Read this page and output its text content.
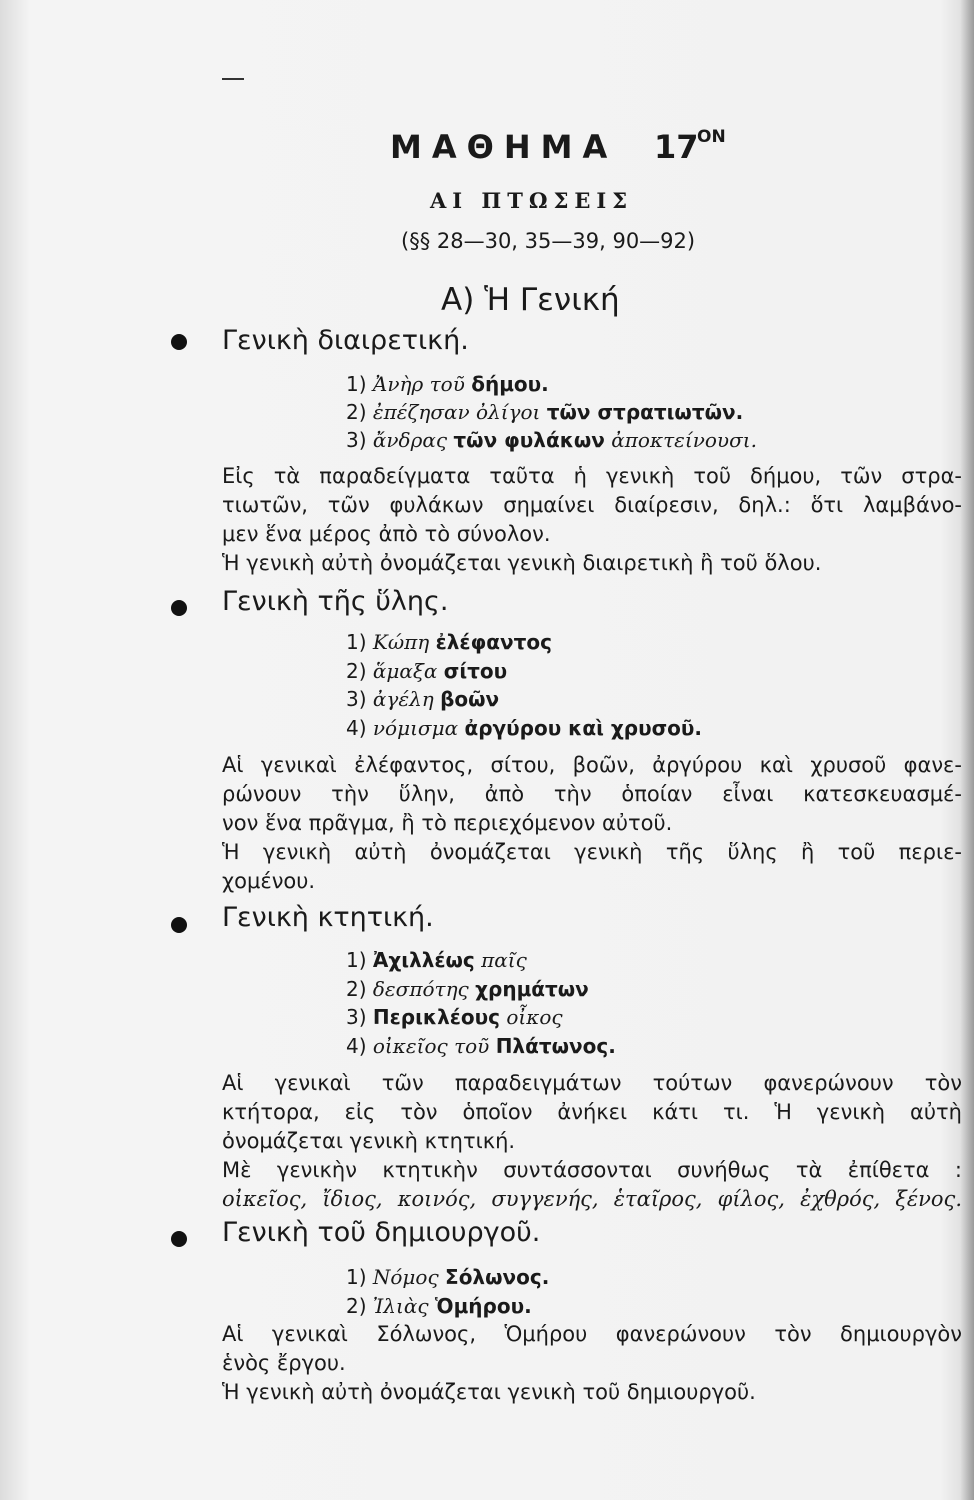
ΜΑΘΗΜΑ 17
ΟΝ
ΑΙ ΠΤΩΣΕΙΣ
(§§ 28—30, 35—39, 90—92)
Α) Ἡ Γενική
Γενικὴ διαιρετική.
1) Ἀνὴρ τοῦ δήμου.
2) ἐπέζησαν ὀλίγοι τῶν στρατιωτῶν.
3) ἄνδρας τῶν φυλάκων ἀποκτείνουσι.
Εἰς τὰ παραδείγματα ταῦτα ἡ γενικὴ τοῦ δήμου, τῶν στρα-
τιωτῶν, τῶν φυλάκων σημαίνει διαίρεσιν, δηλ.: ὅτι λαμβάνο-
μεν ἕνα μέρος ἀπὸ τὸ σύνολον.
Ἡ γενικὴ αὐτὴ ὀνομάζεται γενικὴ διαιρετικὴ ἢ τοῦ ὅλου.
Γενικὴ τῆς ὕλης.
1) Κώπη ἐλέφαντος
2) ἅμαξα σίτου
3) ἀγέλη βοῶν
4) νόμισμα ἀργύρου καὶ χρυσοῦ.
Αἱ γενικαὶ ἐλέφαντος, σίτου, βοῶν, ἀργύρου καὶ χρυσοῦ φανε-
ρώνουν τὴν ὕλην, ἀπὸ τὴν ὁποίαν εἶναι κατεσκευασμέ-
νον ἕνα πρᾶγμα, ἢ τὸ περιεχόμενον αὐτοῦ.
Ἡ γενικὴ αὐτὴ ὀνομάζεται γενικὴ τῆς ὕλης ἢ τοῦ περιε-
χομένου.
Γενικὴ κτητική.
1) Ἀχιλλέως παῖς
2) δεσπότης χρημάτων
3) Περικλέους οἶκος
4) οἰκεῖος τοῦ Πλάτωνος.
Αἱ γενικαὶ τῶν παραδειγμάτων τούτων φανερώνουν τὸν
κτήτορα, εἰς τὸν ὁποῖον ἀνήκει κάτι τι. Ἡ γενικὴ αὐτὴ
ὀνομάζεται γενικὴ κτητική.
Μὲ γενικὴν κτητικὴν συντάσσονται συνήθως τὰ ἐπίθετα :
οἰκεῖος, ἴδιος, κοινός, συγγενής, ἑταῖρος, φίλος, ἐχθρός, ξένος.
Γενικὴ τοῦ δημιουργοῦ.
1) Νόμος Σόλωνος.
2) Ἰλιὰς Ὁμήρου.
Αἱ γενικαὶ Σόλωνος, Ὁμήρου φανερώνουν τὸν δημιουργὸν
ἑνὸς ἔργου.
Ἡ γενικὴ αὐτὴ ὀνομάζεται γενικὴ τοῦ δημιουργοῦ.
